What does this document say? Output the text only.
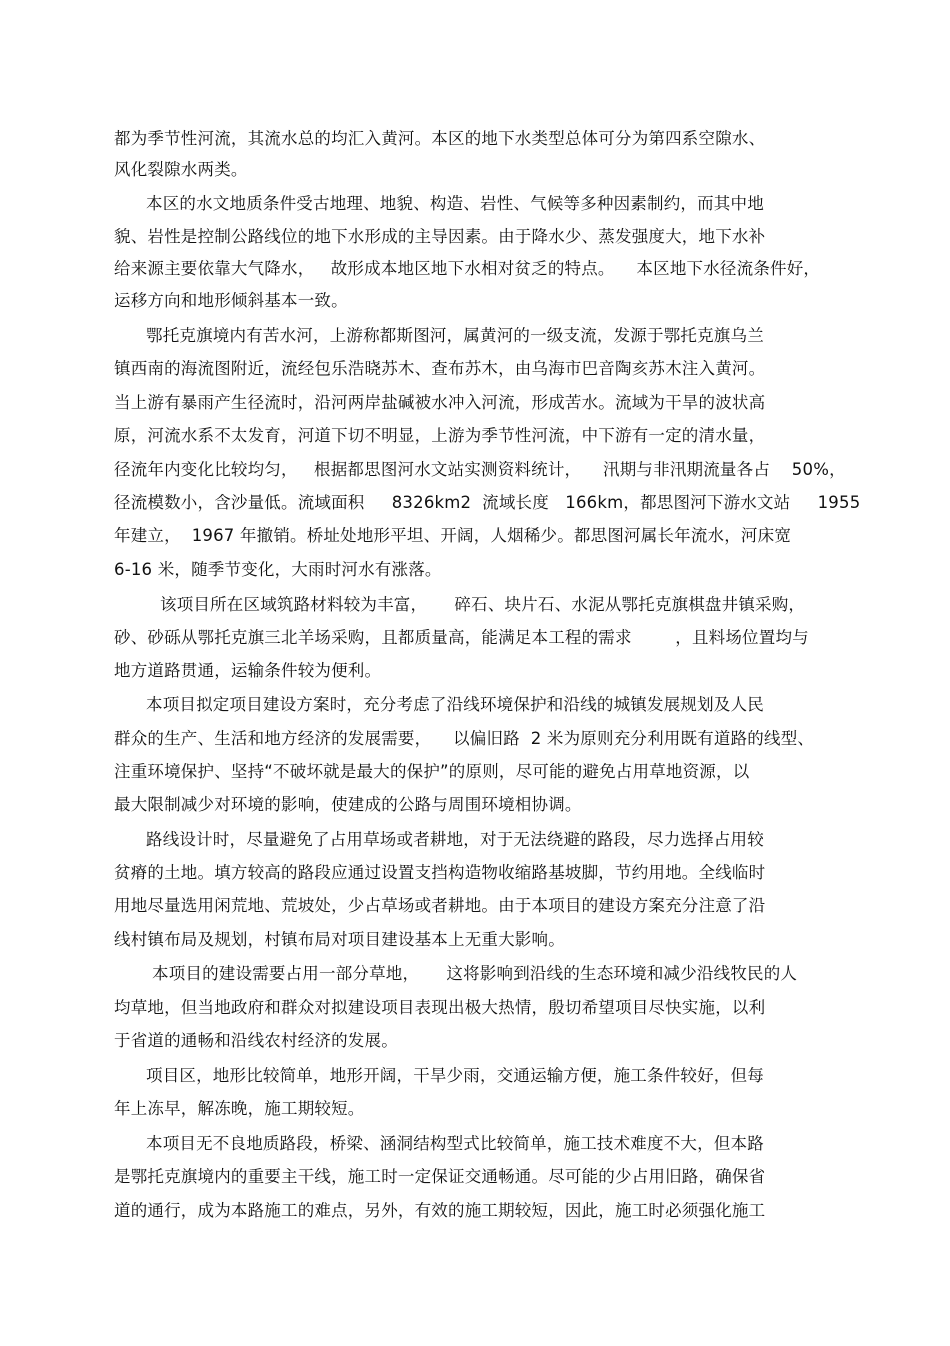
都为季节性河流，其流水总的均汇入黄河。本区的地下水类型总体可分为第四系空隙水、
风化裂隙水两类。
本区的水文地质条件受古地理、地貌、构造、岩性、气候等多种因素制约，而其中地
貌、岩性是控制公路线位的地下水形成的主导因素。由于降水少、蒸发强度大，地下水补
给来源主要依靠大气降水，   故形成本地区地下水相对贫乏的特点。    本区地下水径流条件好，
运移方向和地形倾斜基本一致。
鄂托克旗境内有苦水河，上游称都斯图河，属黄河的一级支流，发源于鄂托克旗乌兰
镇西南的海流图附近，流经包乐浩晓苏木、查布苏木，由乌海市巴音陶亥苏木注入黄河。
当上游有暴雨产生径流时，沿河两岸盐碱被水冲入河流，形成苦水。流域为干旱的波状高
原，河流水系不太发育，河道下切不明显，上游为季节性河流，中下游有一定的清水量，
径流年内变化比较均匀，   根据都思图河水文站实测资料统计，    汛期与非汛期流量各占    50%，
径流模数小，含沙量低。流域面积     8326km2  流域长度   166km，都思图河下游水文站     1955
年建立，  1967 年撤销。桥址处地形平坦、开阔，人烟稀少。都思图河属长年流水，河床宽
6-16 米，随季节变化，大雨时河水有涨落。
该项目所在区域筑路材料较为丰富，     碎石、块片石、水泥从鄂托克旗棋盘井镇采购，
砂、砂砾从鄂托克旗三北羊场采购，且都质量高，能满足本工程的需求        ，且料场位置均与
地方道路贯通，运输条件较为便利。
本项目拟定项目建设方案时，充分考虑了沿线环境保护和沿线的城镇发展规划及人民
群众的生产、生活和地方经济的发展需要，    以偏旧路  2 米为原则充分利用既有道路的线型、
注重环境保护、坚持“不破坏就是最大的保护”的原则，尽可能的避免占用草地资源，以
最大限制减少对环境的影响，使建成的公路与周围环境相协调。
路线设计时，尽量避免了占用草场或者耕地，对于无法绕避的路段，尽力选择占用较
贫瘠的土地。填方较高的路段应通过设置支挡构造物收缩路基坡脚，节约用地。全线临时
用地尽量选用闲荒地、荒坡处，少占草场或者耕地。由于本项目的建设方案充分注意了沿
线村镇布局及规划，村镇布局对项目建设基本上无重大影响。
本项目的建设需要占用一部分草地，     这将影响到沿线的生态环境和减少沿线牧民的人
均草地，但当地政府和群众对拟建设项目表现出极大热情，殷切希望项目尽快实施，以利
于省道的通畅和沿线农村经济的发展。
项目区，地形比较简单，地形开阔，干旱少雨，交通运输方便，施工条件较好，但每
年上冻早，解冻晚，施工期较短。
本项目无不良地质路段，桥梁、涵洞结构型式比较简单，施工技术难度不大，但本路
是鄂托克旗境内的重要主干线，施工时一定保证交通畅通。尽可能的少占用旧路，确保省
道的通行，成为本路施工的难点，另外，有效的施工期较短，因此，施工时必须强化施工
